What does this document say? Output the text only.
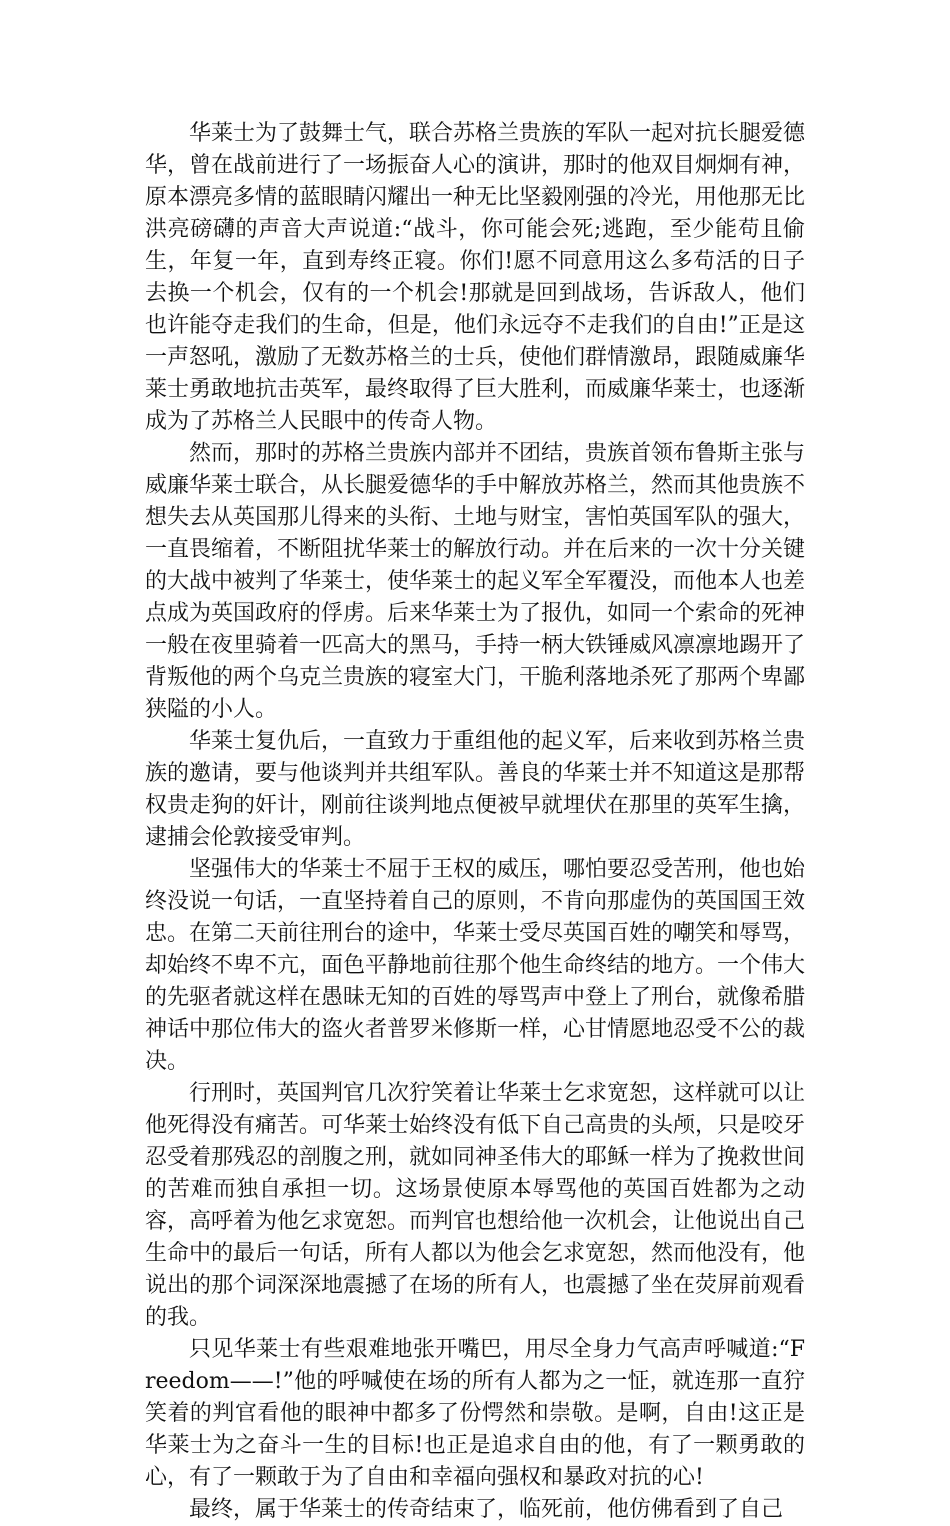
华莱士为了鼓舞士气，联合苏格兰贵族的军队一起对抗长腿爱德华，曾在战前进行了一场振奋人心的演讲，那时的他双目炯炯有神，原本漂亮多情的蓝眼睛闪耀出一种无比坚毅刚强的冷光，用他那无比洪亮磅礴的声音大声说道:“战斗，你可能会死;逃跑，至少能苟且偷生，年复一年，直到寿终正寝。你们!愿不同意用这么多苟活的日子去换一个机会，仅有的一个机会!那就是回到战场，告诉敌人，他们也许能夺走我们的生命，但是，他们永远夺不走我们的自由!”正是这一声怒吼，激励了无数苏格兰的士兵，使他们群情激昂，跟随威廉华莱士勇敢地抗击英军，最终取得了巨大胜利，而威廉华莱士，也逐渐成为了苏格兰人民眼中的传奇人物。

然而，那时的苏格兰贵族内部并不团结，贵族首领布鲁斯主张与威廉华莱士联合，从长腿爱德华的手中解放苏格兰，然而其他贵族不想失去从英国那儿得来的头衔、土地与财宝，害怕英国军队的强大，一直畏缩着，不断阻扰华莱士的解放行动。并在后来的一次十分关键的大战中被判了华莱士，使华莱士的起义军全军覆没，而他本人也差点成为英国政府的俘虏。后来华莱士为了报仇，如同一个索命的死神一般在夜里骑着一匹高大的黑马，手持一柄大铁锤威风凛凛地踢开了背叛他的两个乌克兰贵族的寝室大门，干脆利落地杀死了那两个卑鄙狭隘的小人。

华莱士复仇后，一直致力于重组他的起义军，后来收到苏格兰贵族的邀请，要与他谈判并共组军队。善良的华莱士并不知道这是那帮权贵走狗的奸计，刚前往谈判地点便被早就埋伏在那里的英军生擒，逮捕会伦敦接受审判。

坚强伟大的华莱士不屈于王权的威压，哪怕要忍受苦刑，他也始终没说一句话，一直坚持着自己的原则，不肯向那虚伪的英国国王效忠。在第二天前往刑台的途中，华莱士受尽英国百姓的嘲笑和辱骂，却始终不卑不亢，面色平静地前往那个他生命终结的地方。一个伟大的先驱者就这样在愚昧无知的百姓的辱骂声中登上了刑台，就像希腊神话中那位伟大的盗火者普罗米修斯一样，心甘情愿地忍受不公的裁决。

行刑时，英国判官几次狞笑着让华莱士乞求宽恕，这样就可以让他死得没有痛苦。可华莱士始终没有低下自己高贵的头颅，只是咬牙忍受着那残忍的剖腹之刑，就如同神圣伟大的耶稣一样为了挽救世间的苦难而独自承担一切。这场景使原本辱骂他的英国百姓都为之动容，高呼着为他乞求宽恕。而判官也想给他一次机会，让他说出自己生命中的最后一句话，所有人都以为他会乞求宽恕，然而他没有，他说出的那个词深深地震撼了在场的所有人，也震撼了坐在荧屏前观看的我。

只见华莱士有些艰难地张开嘴巴，用尽全身力气高声呼喊道:“Freedom——!”他的呼喊使在场的所有人都为之一怔，就连那一直狞笑着的判官看他的眼神中都多了份愕然和崇敬。是啊，自由!这正是华莱士为之奋斗一生的目标!也正是追求自由的他，有了一颗勇敢的心，有了一颗敢于为了自由和幸福向强权和暴政对抗的心!

最终，属于华莱士的传奇结束了，临死前，他仿佛看到了自己
